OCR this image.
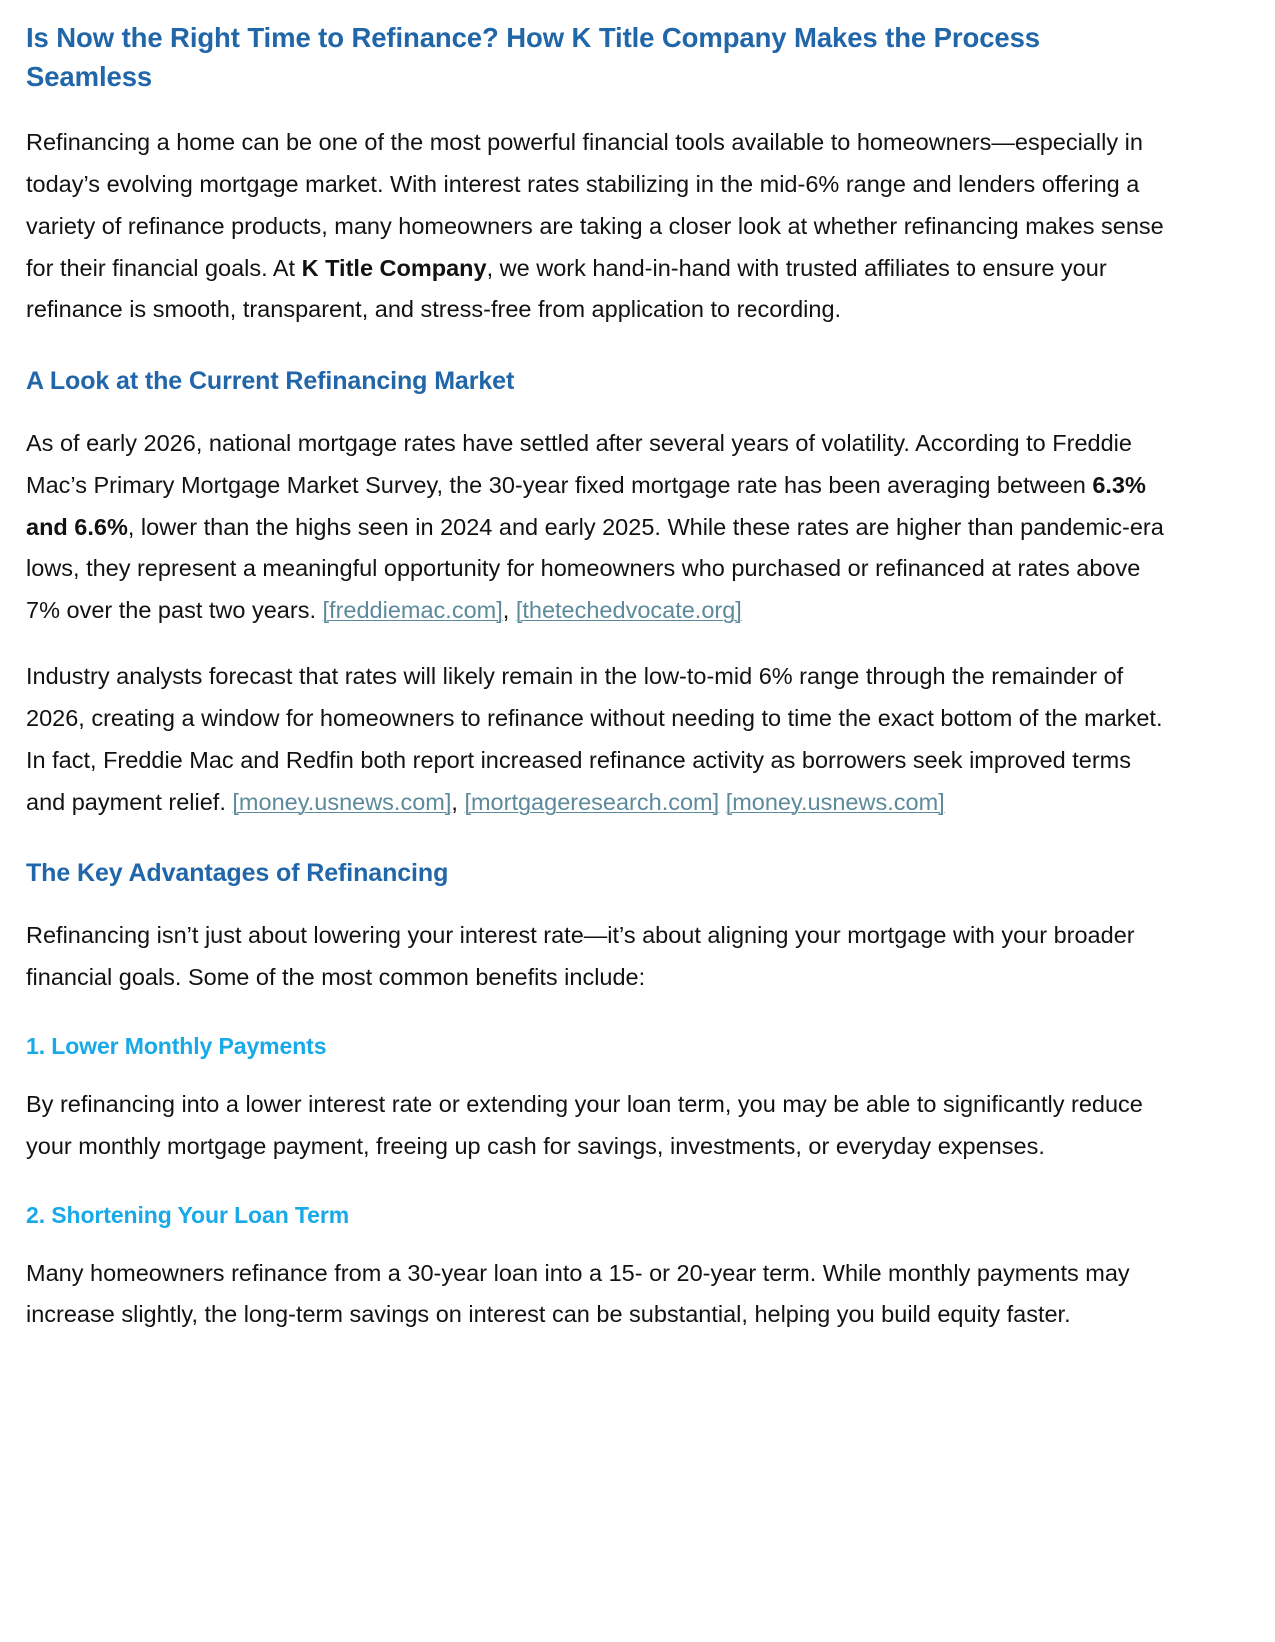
Is Now the Right Time to Refinance? How K Title Company Makes the Process Seamless

Refinancing a home can be one of the most powerful financial tools available to homeowners—especially in today’s evolving mortgage market. With interest rates stabilizing in the mid-6% range and lenders offering a variety of refinance products, many homeowners are taking a closer look at whether refinancing makes sense for their financial goals. At K Title Company, we work hand-in-hand with trusted affiliates to ensure your refinance is smooth, transparent, and stress-free from application to recording.

A Look at the Current Refinancing Market

As of early 2026, national mortgage rates have settled after several years of volatility. According to Freddie Mac’s Primary Mortgage Market Survey, the 30-year fixed mortgage rate has been averaging between 6.3% and 6.6%, lower than the highs seen in 2024 and early 2025. While these rates are higher than pandemic-era lows, they represent a meaningful opportunity for homeowners who purchased or refinanced at rates above 7% over the past two years. [freddiemac.com], [thetechedvocate.org]

Industry analysts forecast that rates will likely remain in the low-to-mid 6% range through the remainder of 2026, creating a window for homeowners to refinance without needing to time the exact bottom of the market. In fact, Freddie Mac and Redfin both report increased refinance activity as borrowers seek improved terms and payment relief. [money.usnews.com], [mortgageresearch.com] [money.usnews.com]

The Key Advantages of Refinancing

Refinancing isn’t just about lowering your interest rate—it’s about aligning your mortgage with your broader financial goals. Some of the most common benefits include:

1. Lower Monthly Payments

By refinancing into a lower interest rate or extending your loan term, you may be able to significantly reduce your monthly mortgage payment, freeing up cash for savings, investments, or everyday expenses.

2. Shortening Your Loan Term

Many homeowners refinance from a 30-year loan into a 15- or 20-year term. While monthly payments may increase slightly, the long-term savings on interest can be substantial, helping you build equity faster.
